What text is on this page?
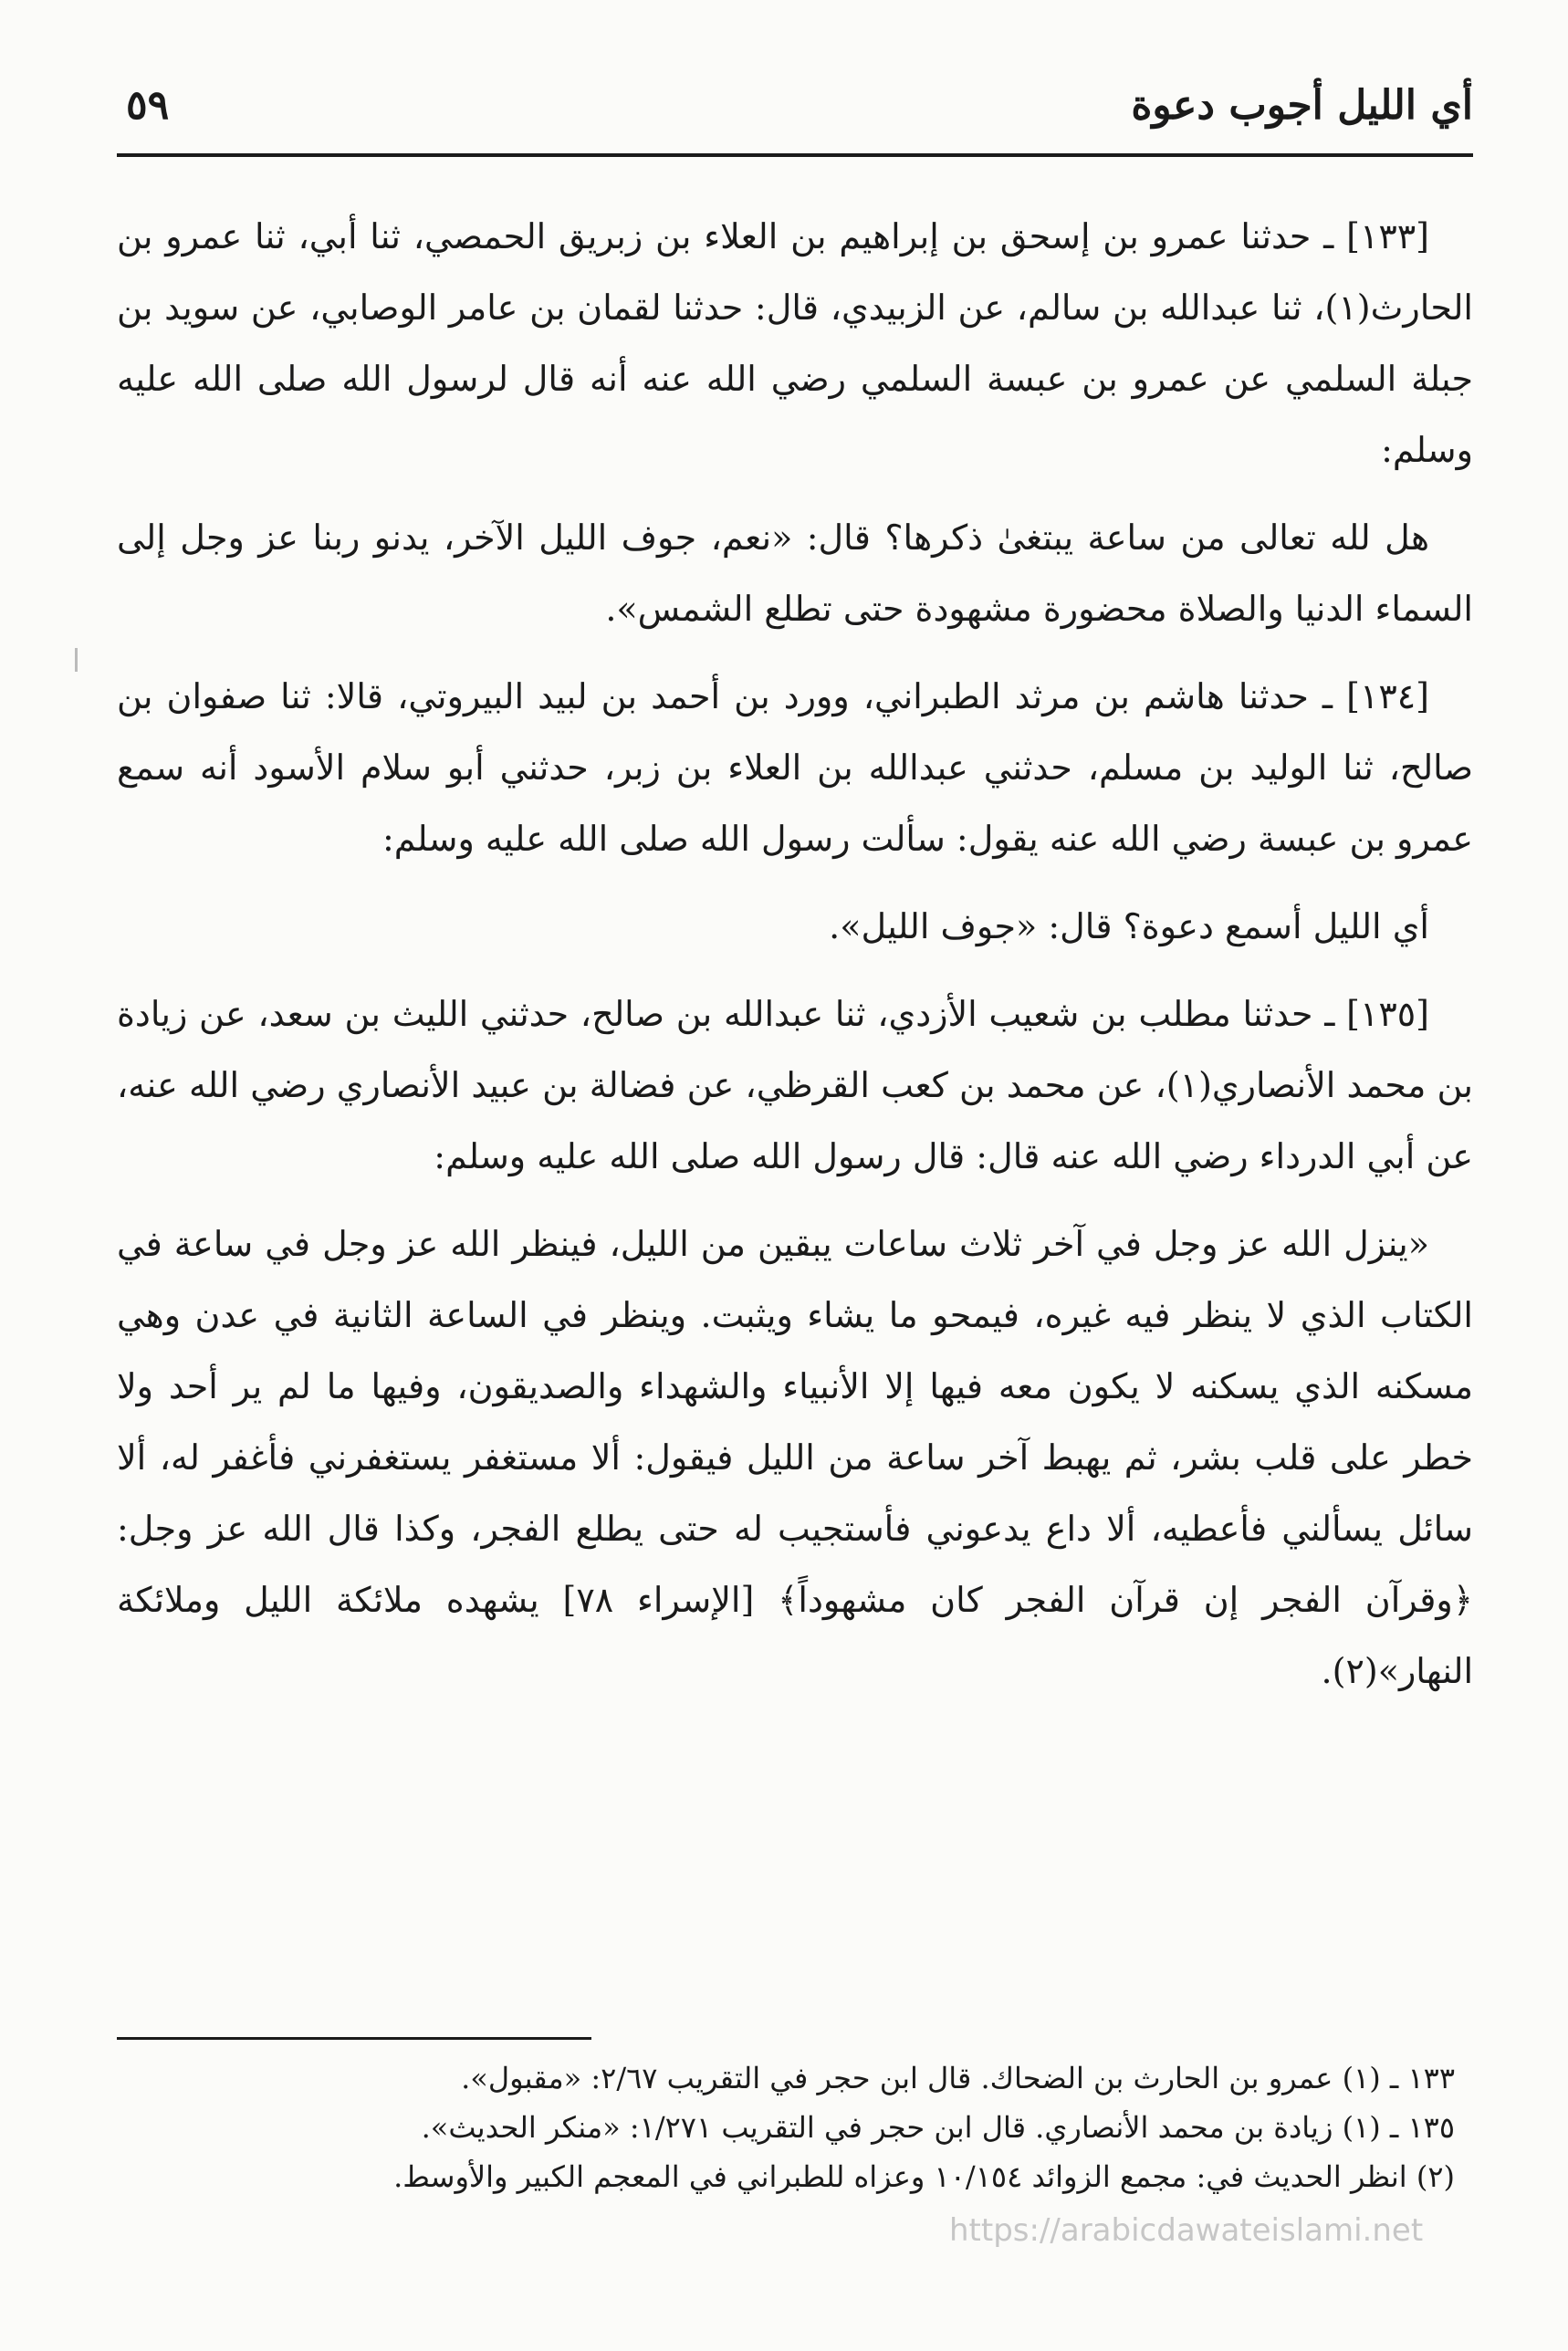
أي الليل أجوب دعوة
٥٩

[١٣٣] ـ حدثنا عمرو بن إسحق بن إبراهيم بن العلاء بن زبريق الحمصي، ثنا أبي، ثنا عمرو بن الحارث(١)، ثنا عبدالله بن سالم، عن الزبيدي، قال: حدثنا لقمان بن عامر الوصابي، عن سويد بن جبلة السلمي عن عمرو بن عبسة السلمي رضي الله عنه أنه قال لرسول الله صلى الله عليه وسلم:

هل لله تعالى من ساعة يبتغىٰ ذكرها؟ قال: «نعم، جوف الليل الآخر، يدنو ربنا عز وجل إلى السماء الدنيا والصلاة محضورة مشهودة حتى تطلع الشمس».

[١٣٤] ـ حدثنا هاشم بن مرثد الطبراني، وورد بن أحمد بن لبيد البيروتي، قالا: ثنا صفوان بن صالح، ثنا الوليد بن مسلم، حدثني عبدالله بن العلاء بن زبر، حدثني أبو سلام الأسود أنه سمع عمرو بن عبسة رضي الله عنه يقول: سألت رسول الله صلى الله عليه وسلم:

أي الليل أسمع دعوة؟ قال: «جوف الليل».

[١٣٥] ـ حدثنا مطلب بن شعيب الأزدي، ثنا عبدالله بن صالح، حدثني الليث بن سعد، عن زيادة بن محمد الأنصاري(١)، عن محمد بن كعب القرظي، عن فضالة بن عبيد الأنصاري رضي الله عنه، عن أبي الدرداء رضي الله عنه قال: قال رسول الله صلى الله عليه وسلم:

«ينزل الله عز وجل في آخر ثلاث ساعات يبقين من الليل، فينظر الله عز وجل في ساعة في الكتاب الذي لا ينظر فيه غيره، فيمحو ما يشاء ويثبت. وينظر في الساعة الثانية في عدن وهي مسكنه الذي يسكنه لا يكون معه فيها إلا الأنبياء والشهداء والصديقون، وفيها ما لم ير أحد ولا خطر على قلب بشر، ثم يهبط آخر ساعة من الليل فيقول: ألا مستغفر يستغفرني فأغفر له، ألا سائل يسألني فأعطيه، ألا داع يدعوني فأستجيب له حتى يطلع الفجر، وكذا قال الله عز وجل: ﴿وقرآن الفجر إن قرآن الفجر كان مشهوداً﴾ [الإسراء ٧٨] يشهده ملائكة الليل وملائكة النهار»(٢).

١٣٣ ـ (١) عمرو بن الحارث بن الضحاك. قال ابن حجر في التقريب ٢/٦٧: «مقبول».

١٣٥ ـ (١) زيادة بن محمد الأنصاري. قال ابن حجر في التقريب ١/٢٧١: «منكر الحديث».

(٢) انظر الحديث في: مجمع الزوائد ١٠/١٥٤ وعزاه للطبراني في المعجم الكبير والأوسط.

https://arabicdawateislami.net
